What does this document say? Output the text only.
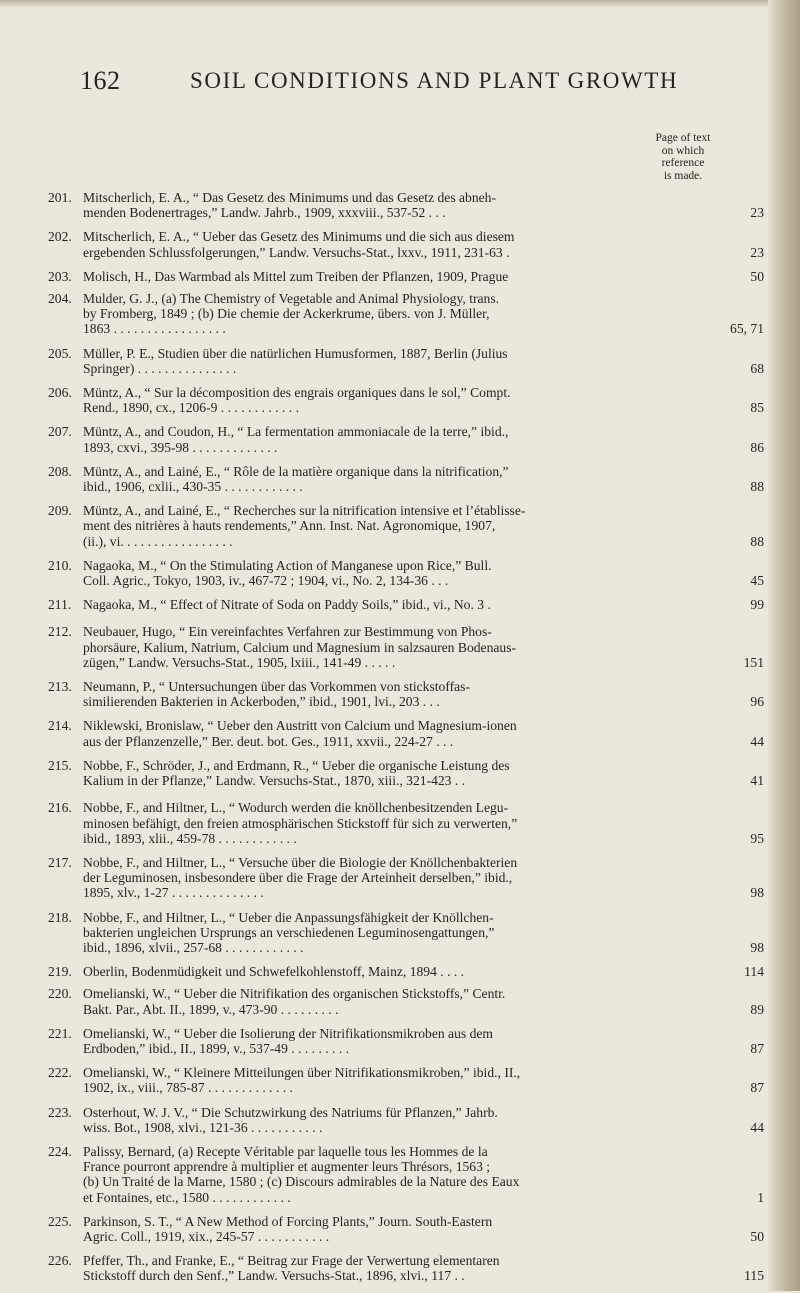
162	SOIL CONDITIONS AND PLANT GROWTH
Page of text
on which
reference
is made.
201. Mitscherlich, E. A., “ Das Gesetz des Minimums und das Gesetz des abneh-
menden Bodenertrages,” Landw. Jahrb., 1909, xxxviii., 537-52 . . .	23
202. Mitscherlich, E. A., “ Ueber das Gesetz des Minimums und die sich aus diesem
ergebenden Schlussfolgerungen,” Landw. Versuchs-Stat., lxxv., 1911, 231-63 .	23
203. Molisch, H., Das Warmbad als Mittel zum Treiben der Pflanzen, 1909, Prague	50
204. Mulder, G. J., (a) The Chemistry of Vegetable and Animal Physiology, trans.
by Fromberg, 1849 ; (b) Die chemie der Ackerkrume, übers. von J. Müller,
1863 . . . . . . . . . . . . . . . . .	65, 71
205. Müller, P. E., Studien über die natürlichen Humusformen, 1887, Berlin (Julius
Springer) . . . . . . . . . . . . . . .	68
206. Müntz, A., “ Sur la décomposition des engrais organiques dans le sol,” Compt.
Rend., 1890, cx., 1206-9 . . . . . . . . . . . .	85
207. Müntz, A., and Coudon, H., “ La fermentation ammoniacale de la terre,” ibid.,
1893, cxvi., 395-98 . . . . . . . . . . . . .	86
208. Müntz, A., and Lainé, E., “ Rôle de la matière organique dans la nitrification,”
ibid., 1906, cxlii., 430-35 . . . . . . . . . . . .	88
209. Müntz, A., and Lainé, E., “ Recherches sur la nitrification intensive et l’établisse-
ment des nitrières à hauts rendements,” Ann. Inst. Nat. Agronomique, 1907,
(ii.), vi. . . . . . . . . . . . . . . . .	88
210. Nagaoka, M., “ On the Stimulating Action of Manganese upon Rice,” Bull.
Coll. Agric., Tokyo, 1903, iv., 467-72 ; 1904, vi., No. 2, 134-36 . . .	45
211. Nagaoka, M., “ Effect of Nitrate of Soda on Paddy Soils,” ibid., vi., No. 3 .	99
212. Neubauer, Hugo, “ Ein vereinfachtes Verfahren zur Bestimmung von Phos-
phorsäure, Kalium, Natrium, Calcium und Magnesium in salzsauren Bodenaus-
zügen,” Landw. Versuchs-Stat., 1905, lxiii., 141-49 . . . . .	151
213. Neumann, P., “ Untersuchungen über das Vorkommen von stickstoffas-
similierenden Bakterien in Ackerboden,” ibid., 1901, lvi., 203 . . .	96
214. Niklewski, Bronislaw, “ Ueber den Austritt von Calcium und Magnesium-ionen
aus der Pflanzenzelle,” Ber. deut. bot. Ges., 1911, xxvii., 224-27 . . .	44
215. Nobbe, F., Schröder, J., and Erdmann, R., “ Ueber die organische Leistung des
Kalium in der Pflanze,” Landw. Versuchs-Stat., 1870, xiii., 321-423 . .	41
216. Nobbe, F., and Hiltner, L., “ Wodurch werden die knöllchenbesitzenden Legu-
minosen befähigt, den freien atmosphärischen Stickstoff für sich zu verwerten,”
ibid., 1893, xlii., 459-78 . . . . . . . . . . . .	95
217. Nobbe, F., and Hiltner, L., “ Versuche über die Biologie der Knöllchenbakterien
der Leguminosen, insbesondere über die Frage der Arteinheit derselben,” ibid.,
1895, xlv., 1-27 . . . . . . . . . . . . . .	98
218. Nobbe, F., and Hiltner, L., “ Ueber die Anpassungsfähigkeit der Knöllchen-
bakterien ungleichen Ursprungs an verschiedenen Leguminosengattungen,”
ibid., 1896, xlvii., 257-68 . . . . . . . . . . . .	98
219. Oberlin, Bodenmüdigkeit und Schwefelkohlenstoff, Mainz, 1894 . . . .	114
220. Omelianski, W., “ Ueber die Nitrifikation des organischen Stickstoffs,” Centr.
Bakt. Par., Abt. II., 1899, v., 473-90 . . . . . . . . .	89
221. Omelianski, W., “ Ueber die Isolierung der Nitrifikationsmikroben aus dem
Erdboden,” ibid., II., 1899, v., 537-49 . . . . . . . . .	87
222. Omelianski, W., “ Kleinere Mitteilungen über Nitrifikationsmikroben,” ibid., II.,
1902, ix., viii., 785-87 . . . . . . . . . . . . .	87
223. Osterhout, W. J. V., “ Die Schutzwirkung des Natriums für Pflanzen,” Jahrb.
wiss. Bot., 1908, xlvi., 121-36 . . . . . . . . . . .	44
224. Palissy, Bernard, (a) Recepte Véritable par laquelle tous les Hommes de la
France pourront apprendre à multiplier et augmenter leurs Thrésors, 1563 ;
(b) Un Traité de la Marne, 1580 ; (c) Discours admirables de la Nature des Eaux
et Fontaines, etc., 1580 . . . . . . . . . . . .	1
225. Parkinson, S. T., “ A New Method of Forcing Plants,” Journ. South-Eastern
Agric. Coll., 1919, xix., 245-57 . . . . . . . . . . .	50
226. Pfeffer, Th., and Franke, E., “ Beitrag zur Frage der Verwertung elementaren
Stickstoff durch den Senf.,” Landw. Versuchs-Stat., 1896, xlvi., 117 . .	115
